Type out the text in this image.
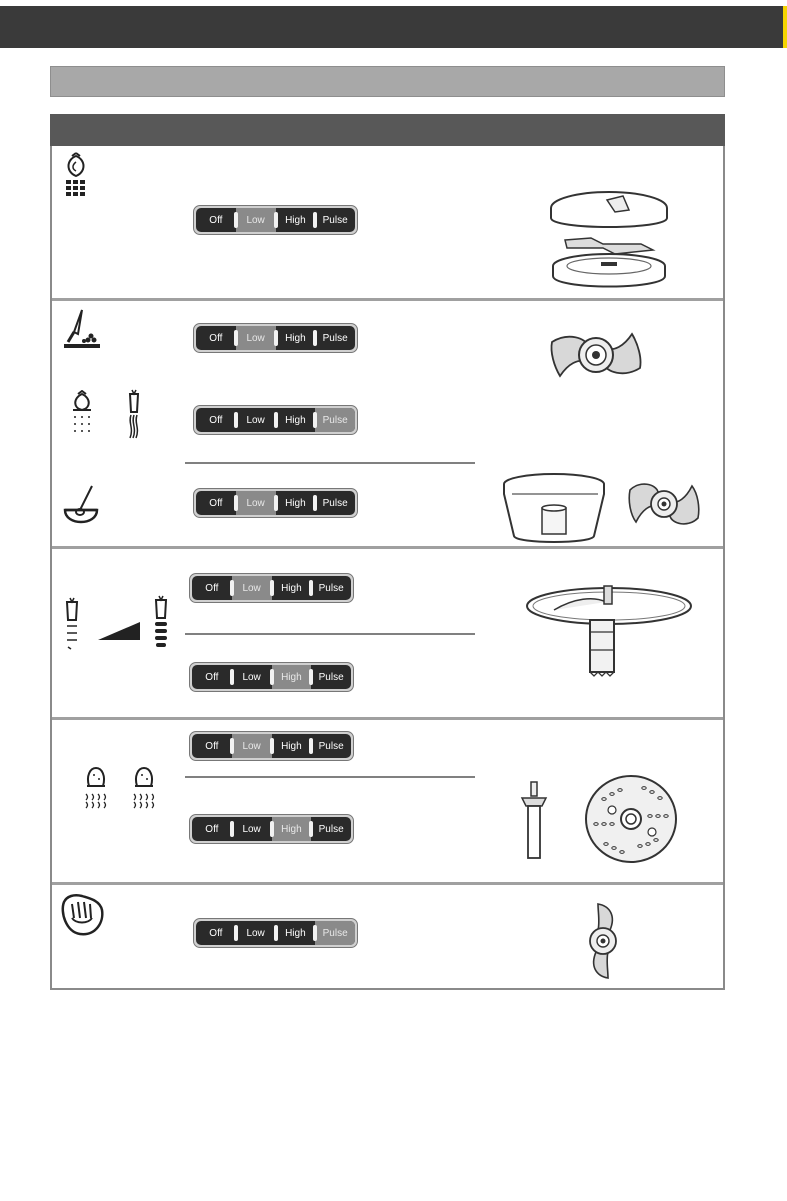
Off	Low	High	Pulse
Off	Low	High	Pulse
Off	Low	High	Pulse
Off	Low	High	Pulse
Off	Low	High	Pulse
Off	Low	High	Pulse
Off	Low	High	Pulse
Off	Low	High	Pulse
Off	Low	High	Pulse
